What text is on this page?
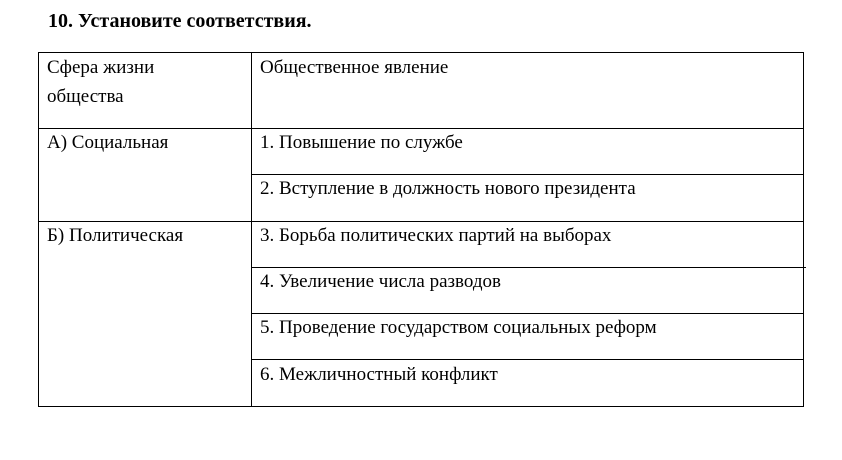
10. Установите соответствия.
Сфера жизни
общества
Общественное явление
А) Социальная
Б) Политическая
1. Повышение по службе
2. Вступление в должность нового президента
3. Борьба политических партий на выборах
4. Увеличение числа разводов
5. Проведение государством социальных реформ
6. Межличностный конфликт
